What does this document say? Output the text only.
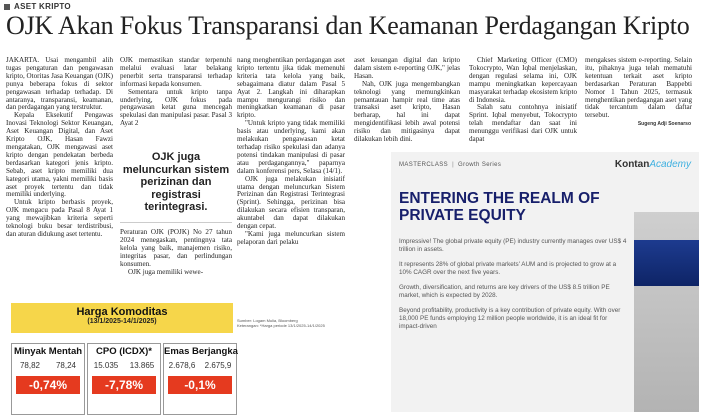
ASET KRIPTO
OJK Akan Fokus Transparansi dan Keamanan Perdagangan Kripto

JAKARTA. Usai mengambil alih tugas pengaturan dan pengawasan kripto, Otoritas Jasa Keuangan (OJK) punya beberapa fokus di sektor pengawasan terhadap terhadap. Di antaranya, transparansi, keamanan, dan perdagangan yang terstruktur.

Kepala Eksekutif Pengawas Inovasi Teknologi Sektor Keuangan, Aset Keuangan Digital, dan Aset Kripto OJK, Hasan Fawzi mengatakan, OJK mengawasi aset kripto dengan pendekatan berbeda berdasarkan kategori jenis kripto. Sebab, aset kripto memiliki dua kategori utama, yakni memiliki basis aset proyek tertentu dan tidak memiliki underlying.

Untuk kripto berbasis proyek, OJK mengacu pada Pasal 8 Ayat 1 yang mewajibkan kriteria seperti teknologi buku besar terdistribusi, dan aturan didukung aset tertentu.

OJK memastikan standar terpenuhi melalui evaluasi latar belakang penerbit serta transparansi terhadap informasi kepada konsumen.

Sementara untuk kripto tanpa underlying, OJK fokus pada pengawasan ketat guna mencegah spekulasi dan manipulasi pasar. Pasal 3 Ayat 2

OJK juga meluncurkan sistem perizinan dan registrasi terintegrasi.

Peraturan OJK (POJK) No 27 tahun 2024 menegaskan, pentingnya tata kelola yang baik, manajemen risiko, integritas pasar, dan perlindungan konsumen.

OJK juga memiliki wewe-

nang menghentikan perdagangan aset kripto tertentu jika tidak memenuhi kriteria tata kelola yang baik, sebagaimana diatur dalam Pasal 5 Ayat 2. Langkah ini diharapkan mampu mengurangi risiko dan meningkatkan keamanan di pasar kripto.

"Untuk kripto yang tidak memiliki basis atau underlying, kami akan melakukan pengawasan ketat terhadap risiko spekulasi dan adanya potensi tindakan manipulasi di pasar atau perdagangannya," paparnya dalam konferensi pers, Selasa (14/1).

OJK juga melakukan inisiatif utama dengan meluncurkan Sistem Perizinan dan Registrasi Terintegrasi (Sprint). Sehingga, perizinan bisa dilakukan secara efisien transparan, akuntabel dan dapat dilakukan dengan cepat.

"Kami juga meluncurkan sistem pelaporan dari pelaku

aset keuangan digital dan kripto dalam sistem e-reporting OJK," jelas Hasan.

Nah, OJK juga mengembangkan teknologi yang memungkinkan pemantauan hampir real time atas transaksi aset kripto, Hasan berharap, hal ini dapat mengidentifikasi lebih awal potensi risiko dan mitigasinya dapat dilakukan lebih dini.

Chief Marketing Officer (CMO) Tokocrypto, Wan Iqbal menjelaskan, dengan regulasi selama ini, OJK mampu meningkatkan kepercayaan masyarakat terhadap ekosistem kripto di Indonesia.

Salah satu contohnya inisiatif Sprint. Iqbal menyebut, Tokocrypto telah mendaftar dan saat ini menunggu verifikasi dari OJK untuk dapat

mengakses sistem e-reporting. Selain itu, pihaknya juga telah mematuhi ketentuan terkait aset kripto berdasarkan Peraturan Bappebti Nomor 1 Tahun 2025, termasuk menghentikan perdagangan aset yang tidak tercantum dalam daftar tersebut.

Sugeng Adji Soenarso
Sumber: Logam Mulia, Bloomberg
Keterangan: *Harga periode 13/1/2025-14/1/2025
Harga Komoditas
(13/1/2025-14/1/2025)
Minyak Mentah
78,82 78,24
-0,74%
CPO (ICDX)*
15.035 13.865
-7,78%
Emas Berjangka
2.678,6 2.675,9
-0,1%
MASTERCLASS | Growth Series	KontanAcademy
ENTERING THE REALM OF PRIVATE EQUITY

Impressive! The global private equity (PE) industry currently manages over US$ 4 trillion in assets.

It represents 28% of global private markets' AUM and is projected to grow at a 10% CAGR over the next five years.

Growth, diversification, and returns are key drivers of the US$ 8.5 trillion PE market, which is expected by 2028.

Beyond profitability, productivity is a key contribution of private equity. With over 18,000 PE funds employing 12 million people worldwide, it is an ideal fit for impact-driven
